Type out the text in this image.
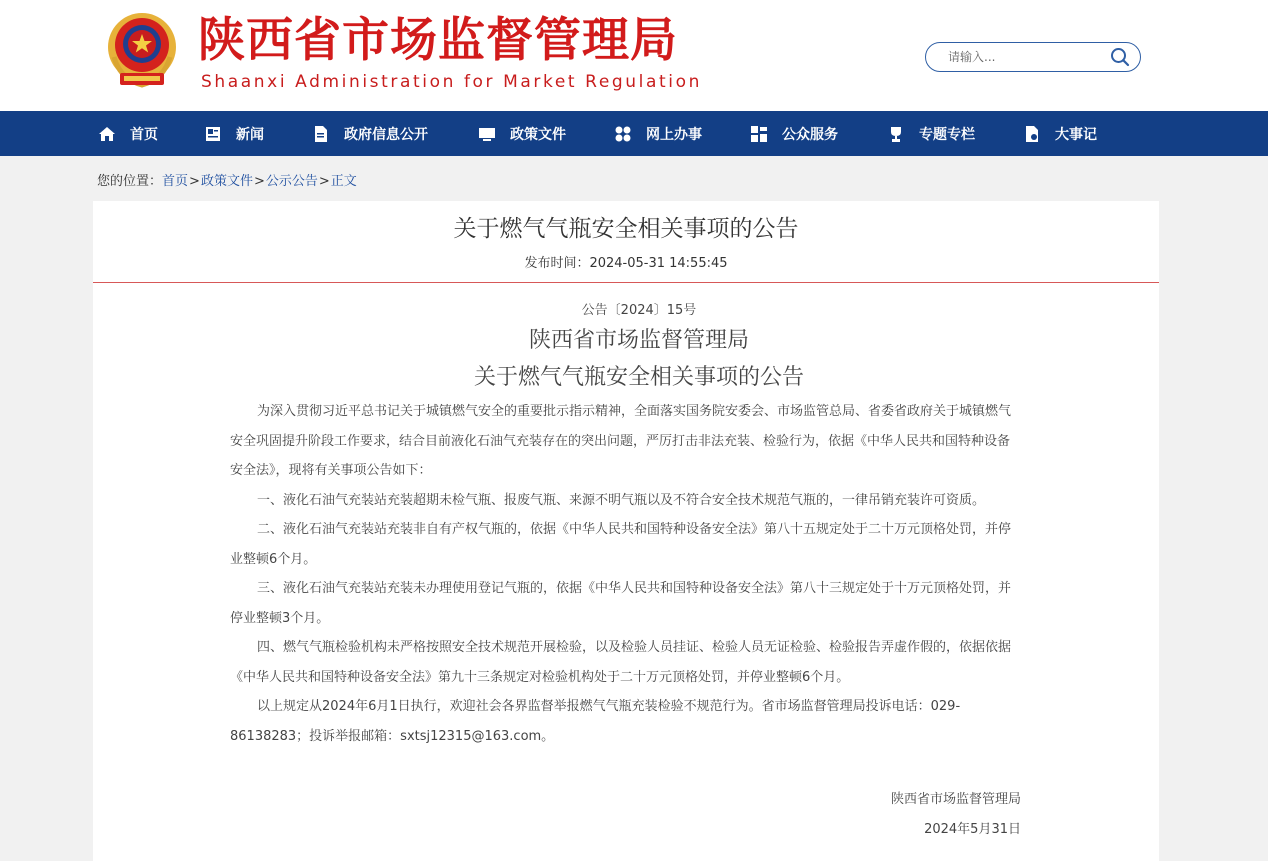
陕西省市场监督管理局
Shaanxi Administration for Market Regulation
请输入...
首页	新闻	政府信息公开	政策文件	网上办事	公众服务	专题专栏	大事记
您的位置：首页>政策文件>公示公告>正文
关于燃气气瓶安全相关事项的公告
发布时间：2024-05-31 14:55:45
公告〔2024〕15号
陕西省市场监督管理局
关于燃气气瓶安全相关事项的公告

为深入贯彻习近平总书记关于城镇燃气安全的重要批示指示精神，全面落实国务院安委会、市场监管总局、省委省政府关于城镇燃气安全巩固提升阶段工作要求，结合目前液化石油气充装存在的突出问题，严厉打击非法充装、检验行为，依据《中华人民共和国特种设备安全法》，现将有关事项公告如下：

一、液化石油气充装站充装超期未检气瓶、报废气瓶、来源不明气瓶以及不符合安全技术规范气瓶的，一律吊销充装许可资质。

二、液化石油气充装站充装非自有产权气瓶的，依据《中华人民共和国特种设备安全法》第八十五规定处于二十万元顶格处罚，并停业整顿6个月。

三、液化石油气充装站充装未办理使用登记气瓶的，依据《中华人民共和国特种设备安全法》第八十三规定处于十万元顶格处罚，并停业整顿3个月。

四、燃气气瓶检验机构未严格按照安全技术规范开展检验，以及检验人员挂证、检验人员无证检验、检验报告弄虚作假的，依据依据《中华人民共和国特种设备安全法》第九十三条规定对检验机构处于二十万元顶格处罚，并停业整顿6个月。

以上规定从2024年6月1日执行，欢迎社会各界监督举报燃气气瓶充装检验不规范行为。省市场监督管理局投诉电话：029-86138283；投诉举报邮箱：sxtsj12315@163.com。

陕西省市场监督管理局
2024年5月31日
